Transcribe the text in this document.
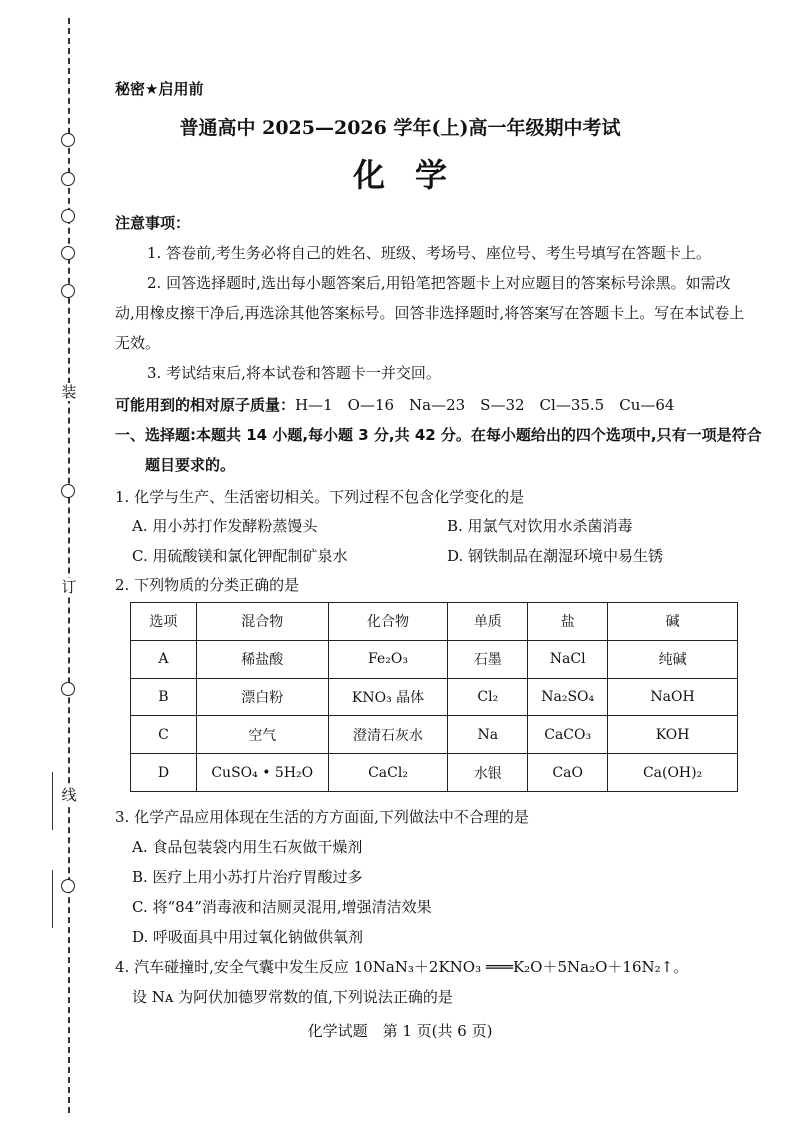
装
订
线
秘密★启用前
普通高中 2025—2026 学年(上)高一年级期中考试
化学
注意事项：
1. 答卷前,考生务必将自己的姓名、班级、考场号、座位号、考生号填写在答题卡上。
2. 回答选择题时,选出每小题答案后,用铅笔把答题卡上对应题目的答案标号涂黑。如需改动,用橡皮擦干净后,再选涂其他答案标号。回答非选择题时,将答案写在答题卡上。写在本试卷上无效。
3. 考试结束后,将本试卷和答题卡一并交回。
可能用到的相对原子质量：H—1　O—16　Na—23　S—32　Cl—35.5　Cu—64
一、选择题:本题共 14 小题,每小题 3 分,共 42 分。在每小题给出的四个选项中,只有一项是符合题目要求的。
1. 化学与生产、生活密切相关。下列过程不包含化学变化的是
A. 用小苏打作发酵粉蒸馒头	B. 用氯气对饮用水杀菌消毒
C. 用硫酸镁和氯化钾配制矿泉水	D. 钢铁制品在潮湿环境中易生锈
2. 下列物质的分类正确的是
选项	混合物	化合物	单质	盐	碱
A	稀盐酸	Fe₂O₃	石墨	NaCl	纯碱
B	漂白粉	KNO₃ 晶体	Cl₂	Na₂SO₄	NaOH
C	空气	澄清石灰水	Na	CaCO₃	KOH
D	CuSO₄ • 5H₂O	CaCl₂	水银	CaO	Ca(OH)₂
3. 化学产品应用体现在生活的方方面面,下列做法中不合理的是
A. 食品包装袋内用生石灰做干燥剂
B. 医疗上用小苏打片治疗胃酸过多
C. 将“84”消毒液和洁厕灵混用,增强清洁效果
D. 呼吸面具中用过氧化钠做供氧剂
4. 汽车碰撞时,安全气囊中发生反应 10NaN₃＋2KNO₃ ═══K₂O＋5Na₂O＋16N₂↑。
设 Nᴀ 为阿伏加德罗常数的值,下列说法正确的是
化学试题　第 1 页(共 6 页)
